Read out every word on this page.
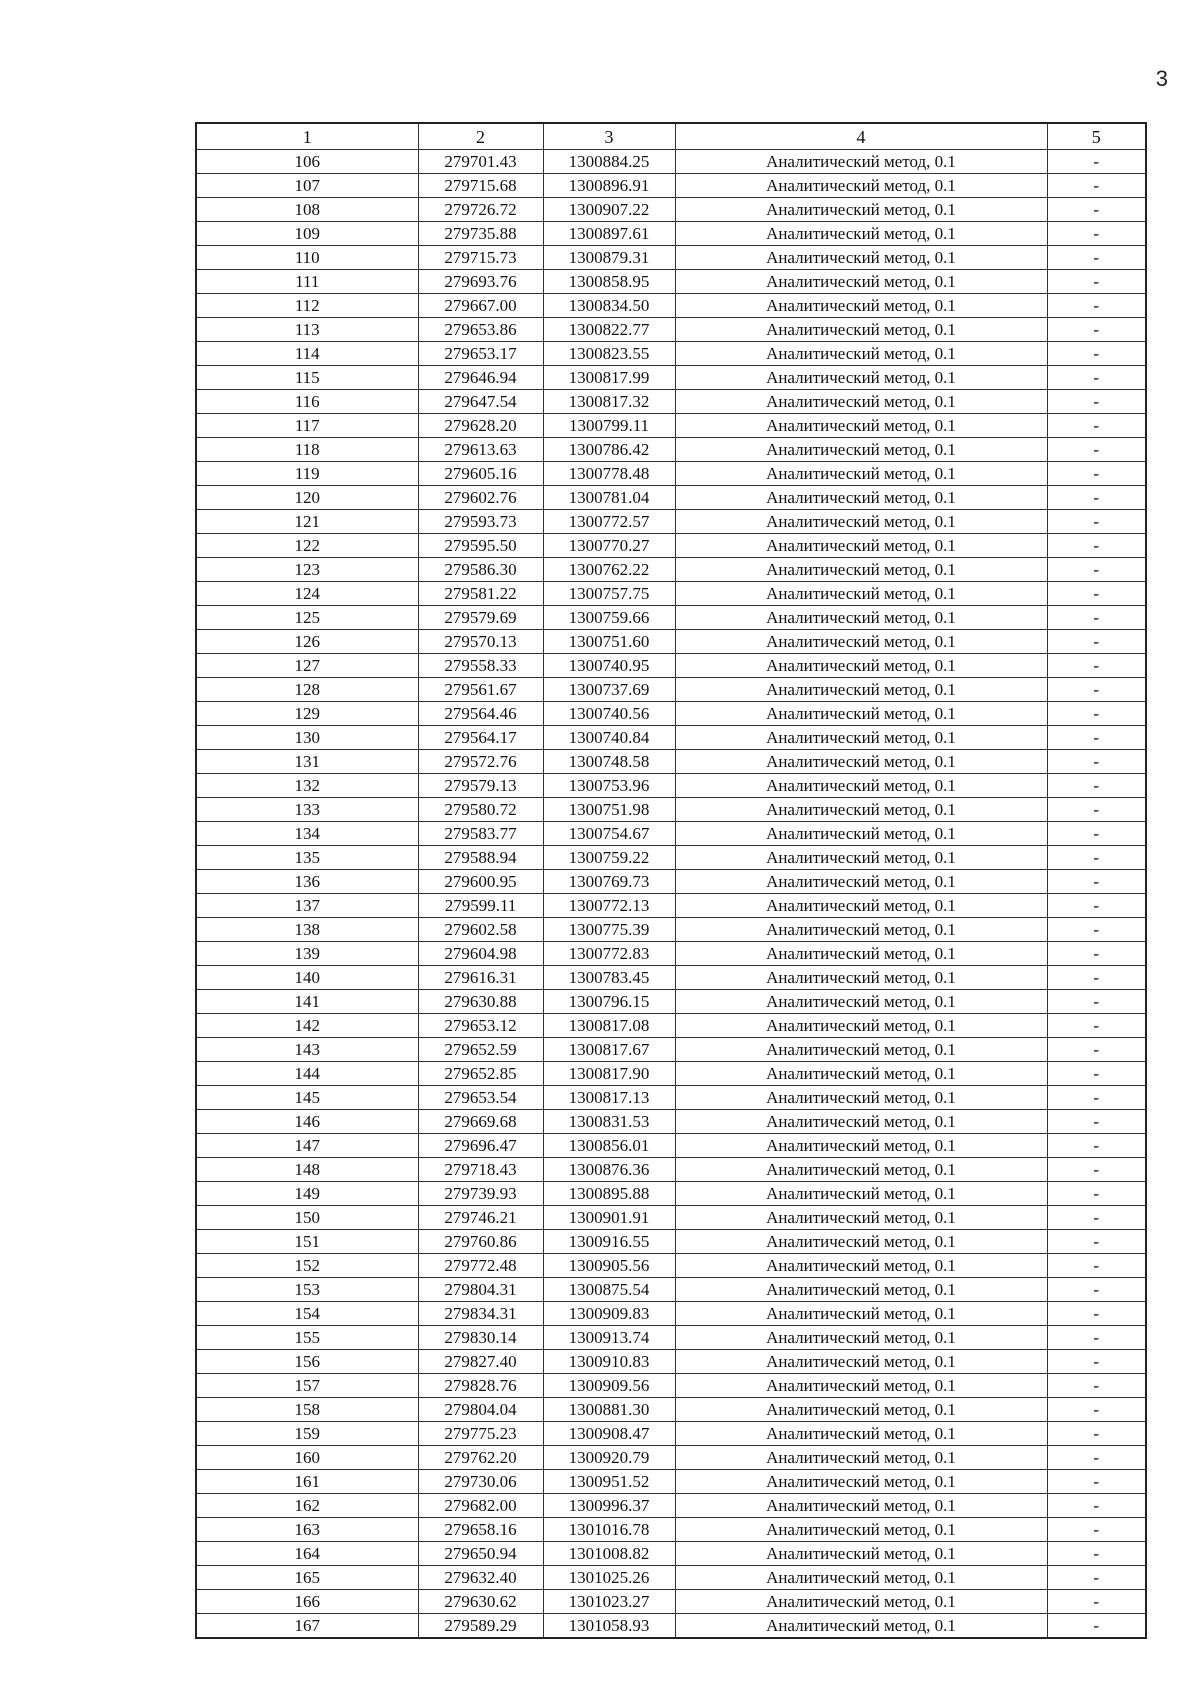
3
1	2	3	4	5
106	279701.43	1300884.25	Аналитический метод, 0.1	-
107	279715.68	1300896.91	Аналитический метод, 0.1	-
108	279726.72	1300907.22	Аналитический метод, 0.1	-
109	279735.88	1300897.61	Аналитический метод, 0.1	-
110	279715.73	1300879.31	Аналитический метод, 0.1	-
111	279693.76	1300858.95	Аналитический метод, 0.1	-
112	279667.00	1300834.50	Аналитический метод, 0.1	-
113	279653.86	1300822.77	Аналитический метод, 0.1	-
114	279653.17	1300823.55	Аналитический метод, 0.1	-
115	279646.94	1300817.99	Аналитический метод, 0.1	-
116	279647.54	1300817.32	Аналитический метод, 0.1	-
117	279628.20	1300799.11	Аналитический метод, 0.1	-
118	279613.63	1300786.42	Аналитический метод, 0.1	-
119	279605.16	1300778.48	Аналитический метод, 0.1	-
120	279602.76	1300781.04	Аналитический метод, 0.1	-
121	279593.73	1300772.57	Аналитический метод, 0.1	-
122	279595.50	1300770.27	Аналитический метод, 0.1	-
123	279586.30	1300762.22	Аналитический метод, 0.1	-
124	279581.22	1300757.75	Аналитический метод, 0.1	-
125	279579.69	1300759.66	Аналитический метод, 0.1	-
126	279570.13	1300751.60	Аналитический метод, 0.1	-
127	279558.33	1300740.95	Аналитический метод, 0.1	-
128	279561.67	1300737.69	Аналитический метод, 0.1	-
129	279564.46	1300740.56	Аналитический метод, 0.1	-
130	279564.17	1300740.84	Аналитический метод, 0.1	-
131	279572.76	1300748.58	Аналитический метод, 0.1	-
132	279579.13	1300753.96	Аналитический метод, 0.1	-
133	279580.72	1300751.98	Аналитический метод, 0.1	-
134	279583.77	1300754.67	Аналитический метод, 0.1	-
135	279588.94	1300759.22	Аналитический метод, 0.1	-
136	279600.95	1300769.73	Аналитический метод, 0.1	-
137	279599.11	1300772.13	Аналитический метод, 0.1	-
138	279602.58	1300775.39	Аналитический метод, 0.1	-
139	279604.98	1300772.83	Аналитический метод, 0.1	-
140	279616.31	1300783.45	Аналитический метод, 0.1	-
141	279630.88	1300796.15	Аналитический метод, 0.1	-
142	279653.12	1300817.08	Аналитический метод, 0.1	-
143	279652.59	1300817.67	Аналитический метод, 0.1	-
144	279652.85	1300817.90	Аналитический метод, 0.1	-
145	279653.54	1300817.13	Аналитический метод, 0.1	-
146	279669.68	1300831.53	Аналитический метод, 0.1	-
147	279696.47	1300856.01	Аналитический метод, 0.1	-
148	279718.43	1300876.36	Аналитический метод, 0.1	-
149	279739.93	1300895.88	Аналитический метод, 0.1	-
150	279746.21	1300901.91	Аналитический метод, 0.1	-
151	279760.86	1300916.55	Аналитический метод, 0.1	-
152	279772.48	1300905.56	Аналитический метод, 0.1	-
153	279804.31	1300875.54	Аналитический метод, 0.1	-
154	279834.31	1300909.83	Аналитический метод, 0.1	-
155	279830.14	1300913.74	Аналитический метод, 0.1	-
156	279827.40	1300910.83	Аналитический метод, 0.1	-
157	279828.76	1300909.56	Аналитический метод, 0.1	-
158	279804.04	1300881.30	Аналитический метод, 0.1	-
159	279775.23	1300908.47	Аналитический метод, 0.1	-
160	279762.20	1300920.79	Аналитический метод, 0.1	-
161	279730.06	1300951.52	Аналитический метод, 0.1	-
162	279682.00	1300996.37	Аналитический метод, 0.1	-
163	279658.16	1301016.78	Аналитический метод, 0.1	-
164	279650.94	1301008.82	Аналитический метод, 0.1	-
165	279632.40	1301025.26	Аналитический метод, 0.1	-
166	279630.62	1301023.27	Аналитический метод, 0.1	-
167	279589.29	1301058.93	Аналитический метод, 0.1	-
